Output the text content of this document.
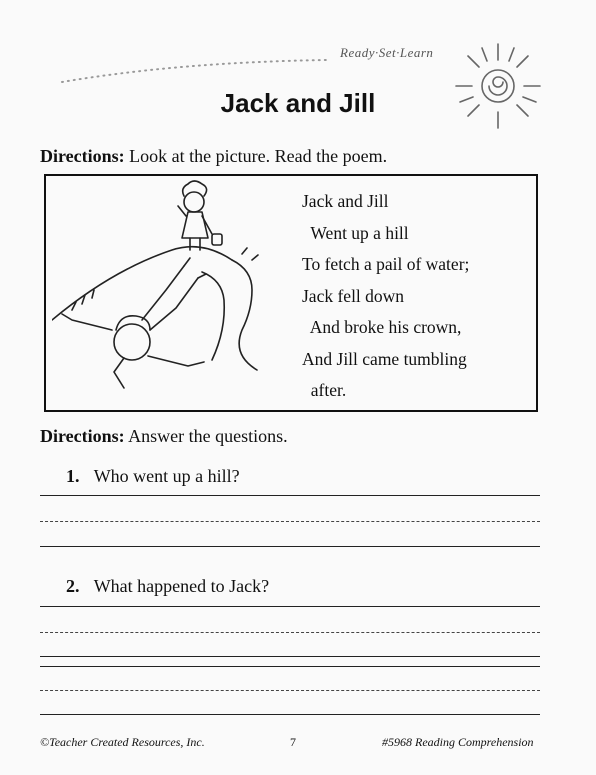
Ready·Set·Learn
Jack and Jill
Directions: Look at the picture. Read the poem.
Jack and Jill
Went up a hill
To fetch a pail of water;
Jack fell down
And broke his crown,
And Jill came tumbling
after.
Directions: Answer the questions.
1. Who went up a hill?
2. What happened to Jack?
©Teacher Created Resources, Inc.	7	#5968 Reading Comprehension
